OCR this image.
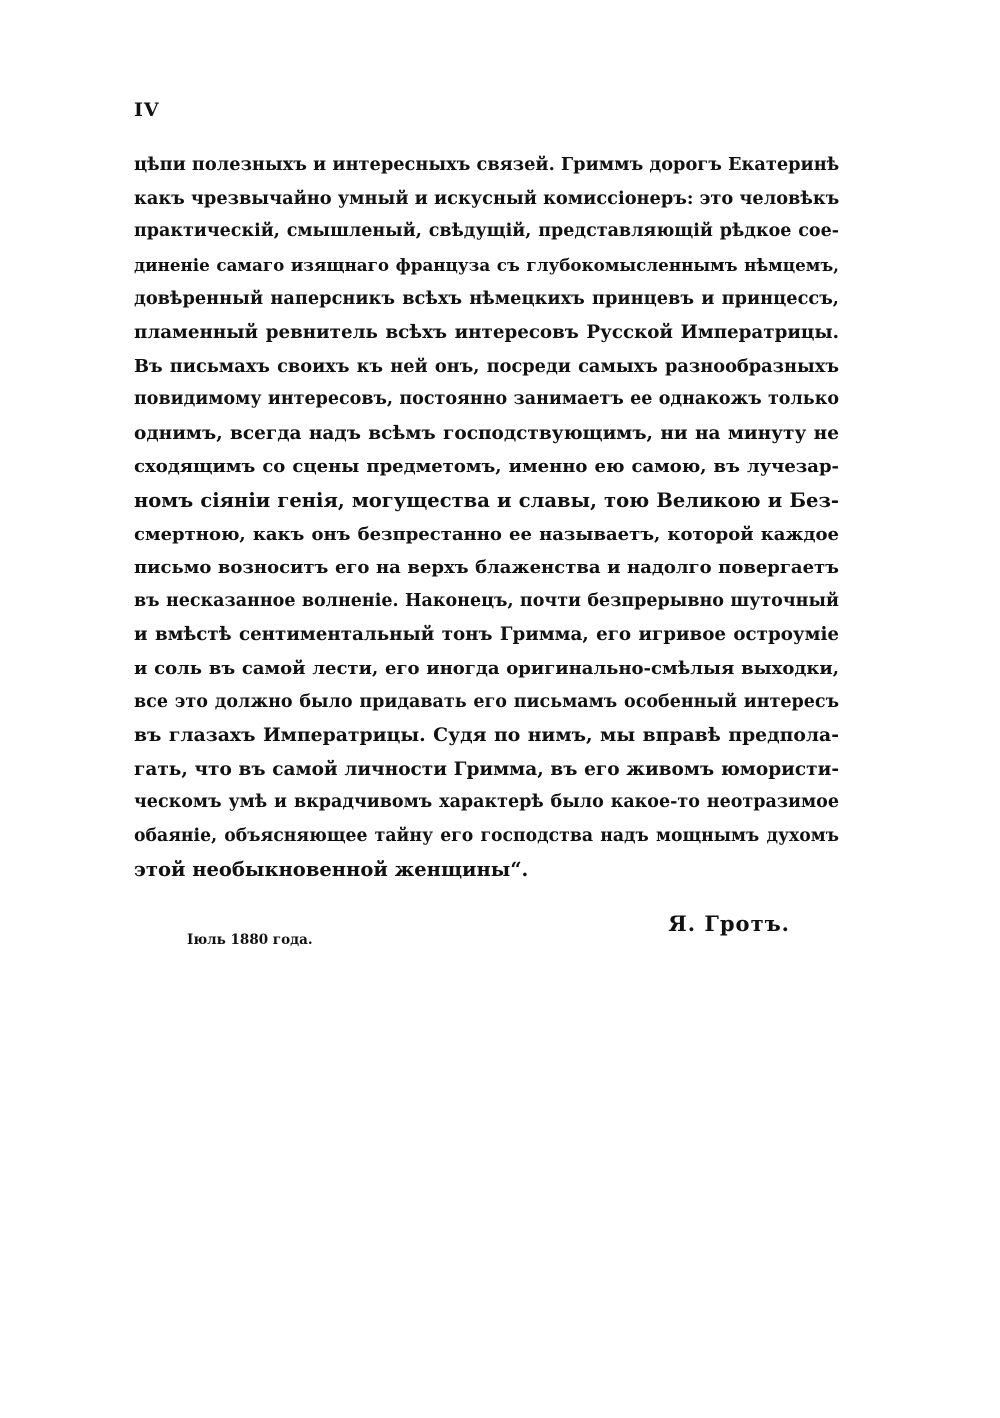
IV
цѣпи полезныхъ и интересныхъ связей. Гриммъ дорогъ Екатеринѣ
какъ чрезвычайно умный и искусный комиссіонеръ: это человѣкъ
практическій, смышленый, свѣдущій, представляющій рѣдкое сое-
диненіе самаго изящнаго француза съ глубокомысленнымъ нѣмцемъ,
довѣренный наперсникъ всѣхъ нѣмецкихъ принцевъ и принцессъ,
пламенный ревнитель всѣхъ интересовъ Русской Императрицы.
Въ письмахъ своихъ къ ней онъ, посреди самыхъ разнообразныхъ
повидимому интересовъ, постоянно занимаетъ ее однакожъ только
однимъ, всегда надъ всѣмъ господствующимъ, ни на минуту не
сходящимъ со сцены предметомъ, именно ею самою, въ лучезар-
номъ сіяніи генія, могущества и славы, тою Великою и Без-
смертною, какъ онъ безпрестанно ее называетъ, которой каждое
письмо возноситъ его на верхъ блаженства и надолго повергаетъ
въ несказанное волненіе. Наконецъ, почти безпрерывно шуточный
и вмѣстѣ сентиментальный тонъ Гримма, его игривое остроуміе
и соль въ самой лести, его иногда оригинально-смѣлыя выходки,
все это должно было придавать его письмамъ особенный интересъ
въ глазахъ Императрицы. Судя по нимъ, мы вправѣ предпола-
гать, что въ самой личности Гримма, въ его живомъ юмористи-
ческомъ умѣ и вкрадчивомъ характерѣ было какое-то неотразимое
обаяніе, объясняющее тайну его господства надъ мощнымъ духомъ
этой необыкновенной женщины“.
Я. Гротъ.
Іюль 1880 года.
